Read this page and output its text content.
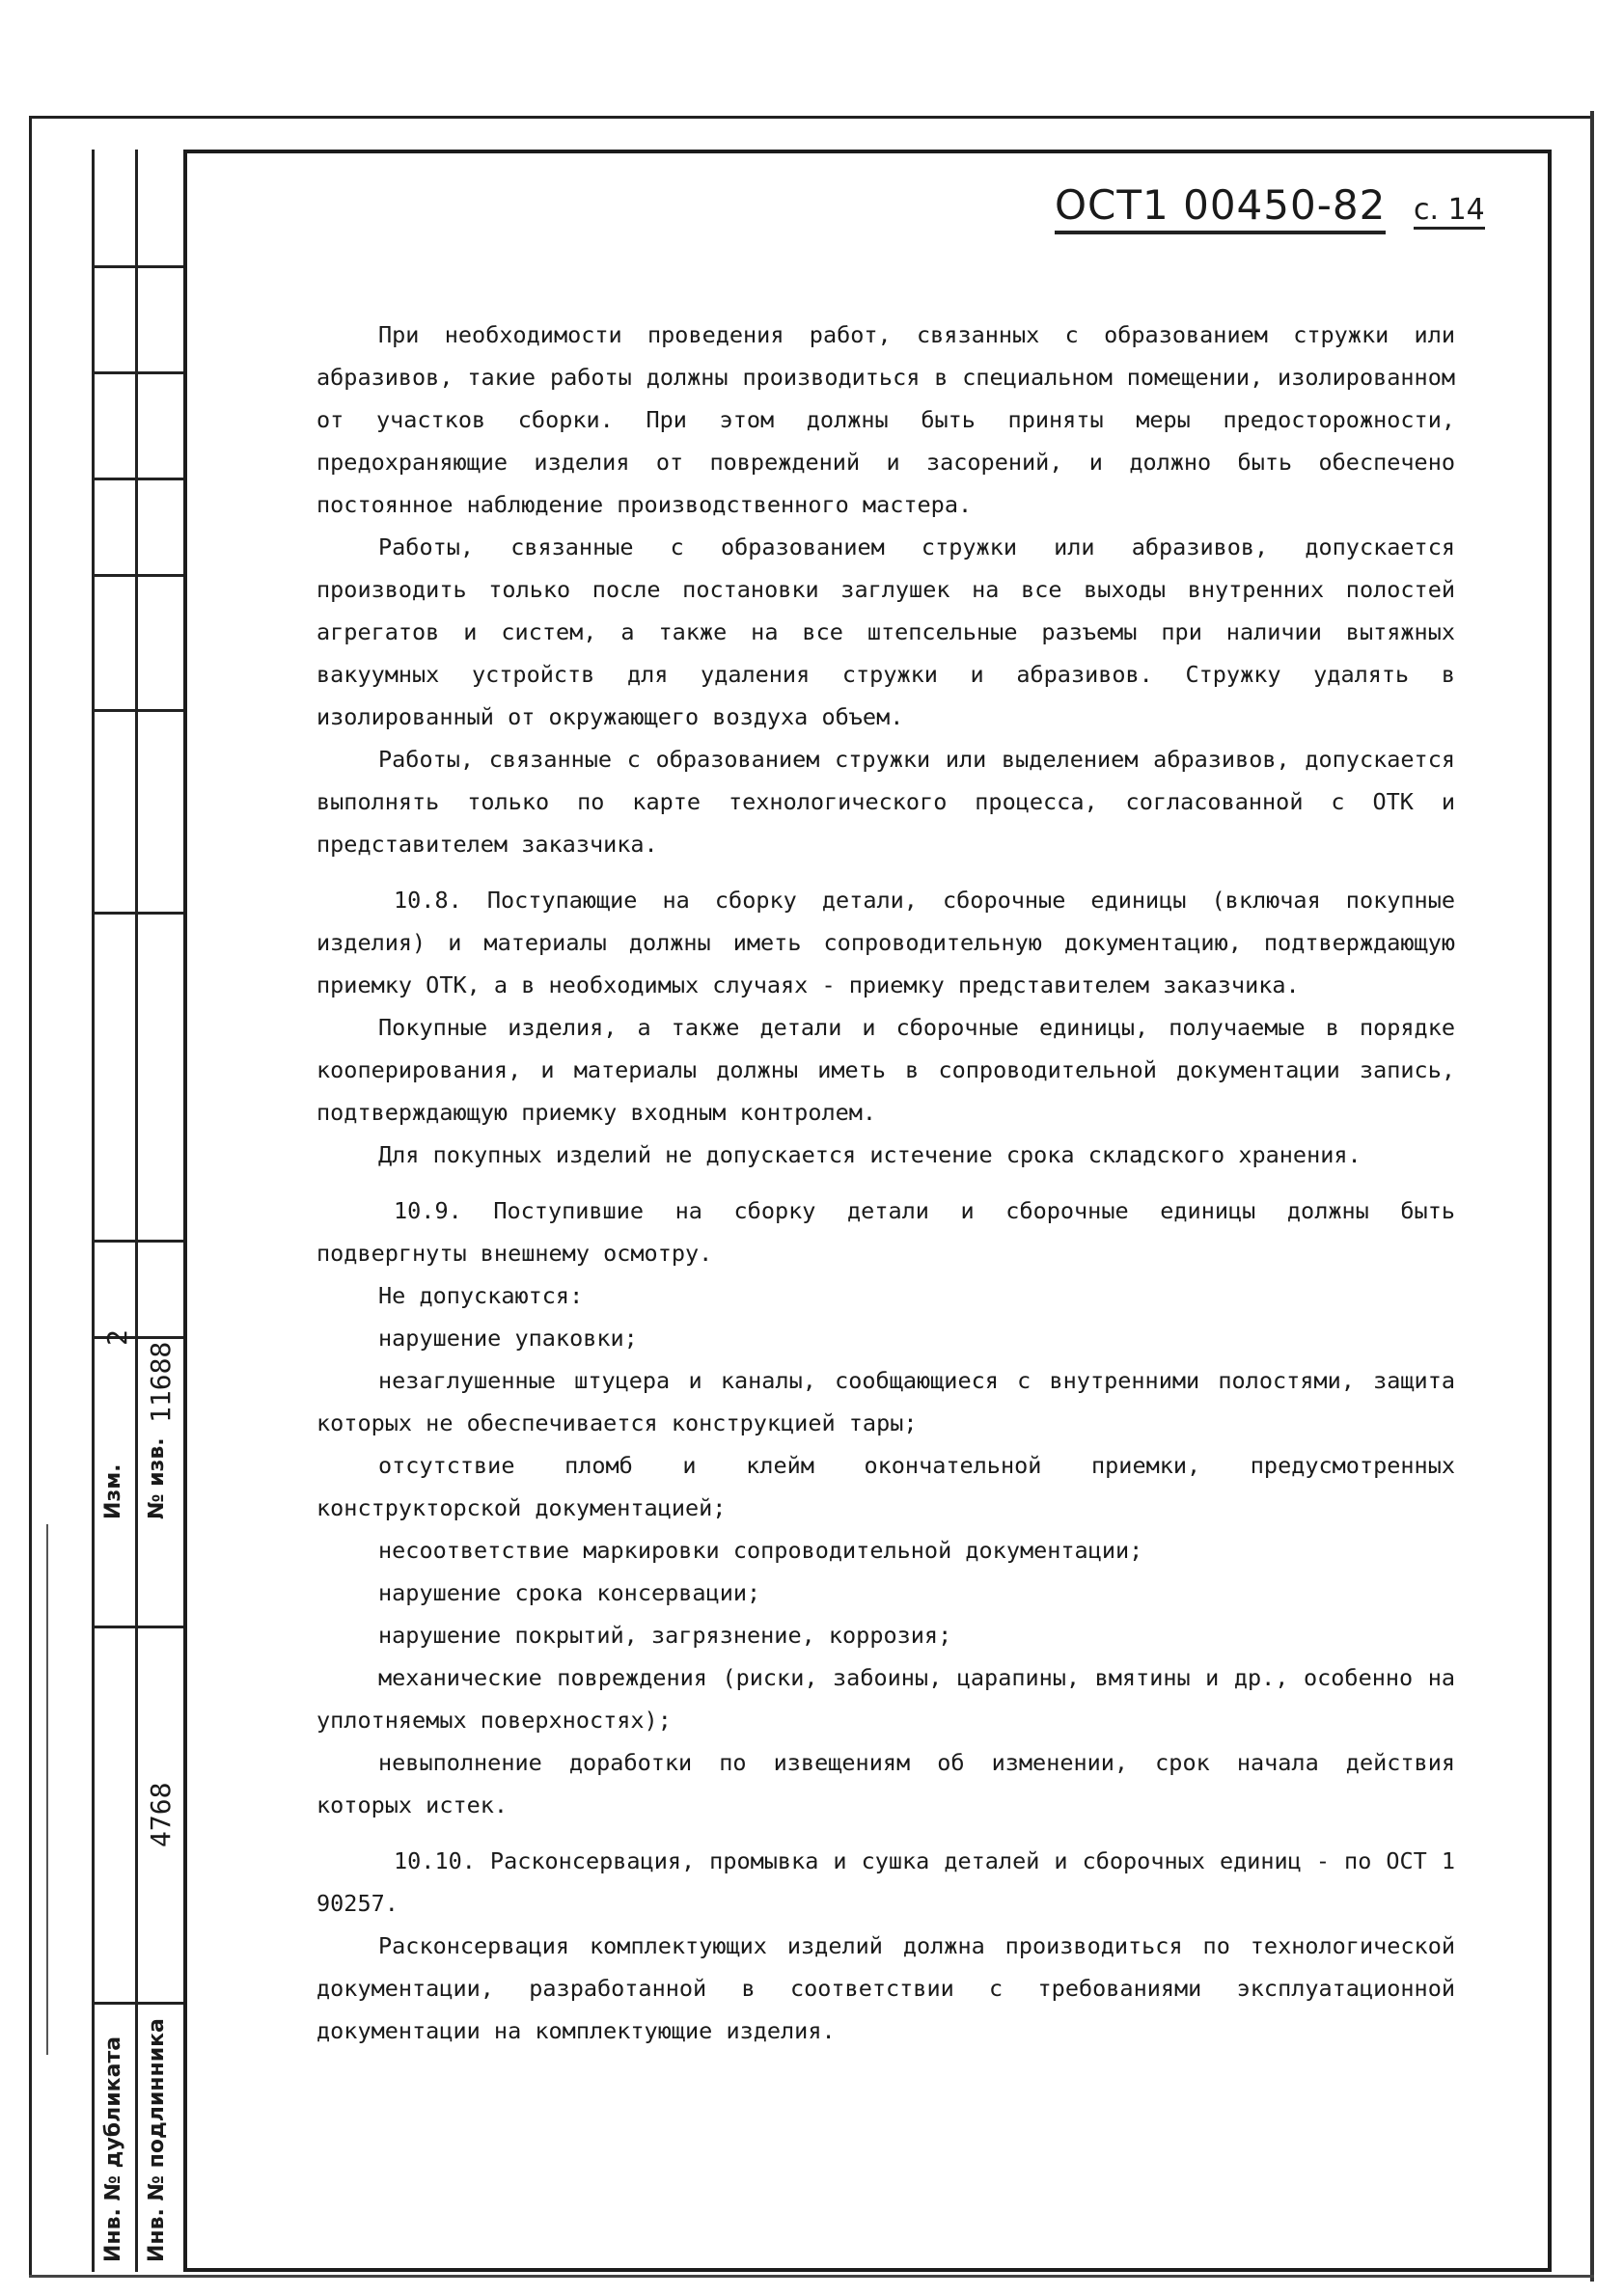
Инв. № дубликата Инв. № подлинника
Изм. № изв.
2
11688
4768
ОСТ1 00450-82 с. 14

При необходимости проведения работ, связанных с образованием стружки или абразивов, такие работы должны производиться в специальном помещении, изолированном от участков сборки. При этом должны быть приняты меры предосторожности, предохраняющие изделия от повреждений и засорений, и должно быть обеспечено постоянное наблюдение производственного мастера.

Работы, связанные с образованием стружки или абразивов, допускается производить только после постановки заглушек на все выходы внутренних полостей агрегатов и систем, а также на все штепсельные разъемы при наличии вытяжных вакуумных устройств для удаления стружки и абразивов. Стружку удалять в изолированный от окружающего воздуха объем.

Работы, связанные с образованием стружки или выделением абразивов, допускается выполнять только по карте технологического процесса, согласованной с ОТК и представителем заказчика.

10.8. Поступающие на сборку детали, сборочные единицы (включая покупные изделия) и материалы должны иметь сопроводительную документацию, подтверждающую приемку ОТК, а в необходимых случаях - приемку представителем заказчика.

Покупные изделия, а также детали и сборочные единицы, получаемые в порядке кооперирования, и материалы должны иметь в сопроводительной документации запись, подтверждающую приемку входным контролем.

Для покупных изделий не допускается истечение срока складского хранения.

10.9. Поступившие на сборку детали и сборочные единицы должны быть подвергнуты внешнему осмотру.

Не допускаются:

нарушение упаковки;

незаглушенные штуцера и каналы, сообщающиеся с внутренними полостями, защита которых не обеспечивается конструкцией тары;

отсутствие пломб и клейм окончательной приемки, предусмотренных конструкторской документацией;

несоответствие маркировки сопроводительной документации;

нарушение срока консервации;

нарушение покрытий, загрязнение, коррозия;

механические повреждения (риски, забоины, царапины, вмятины и др., особенно на уплотняемых поверхностях);

невыполнение доработки по извещениям об изменении, срок начала действия которых истек.

10.10. Расконсервация, промывка и сушка деталей и сборочных единиц - по ОСТ 1 90257.

Расконсервация комплектующих изделий должна производиться по технологической документации, разработанной в соответствии с требованиями эксплуатационной документации на комплектующие изделия.
